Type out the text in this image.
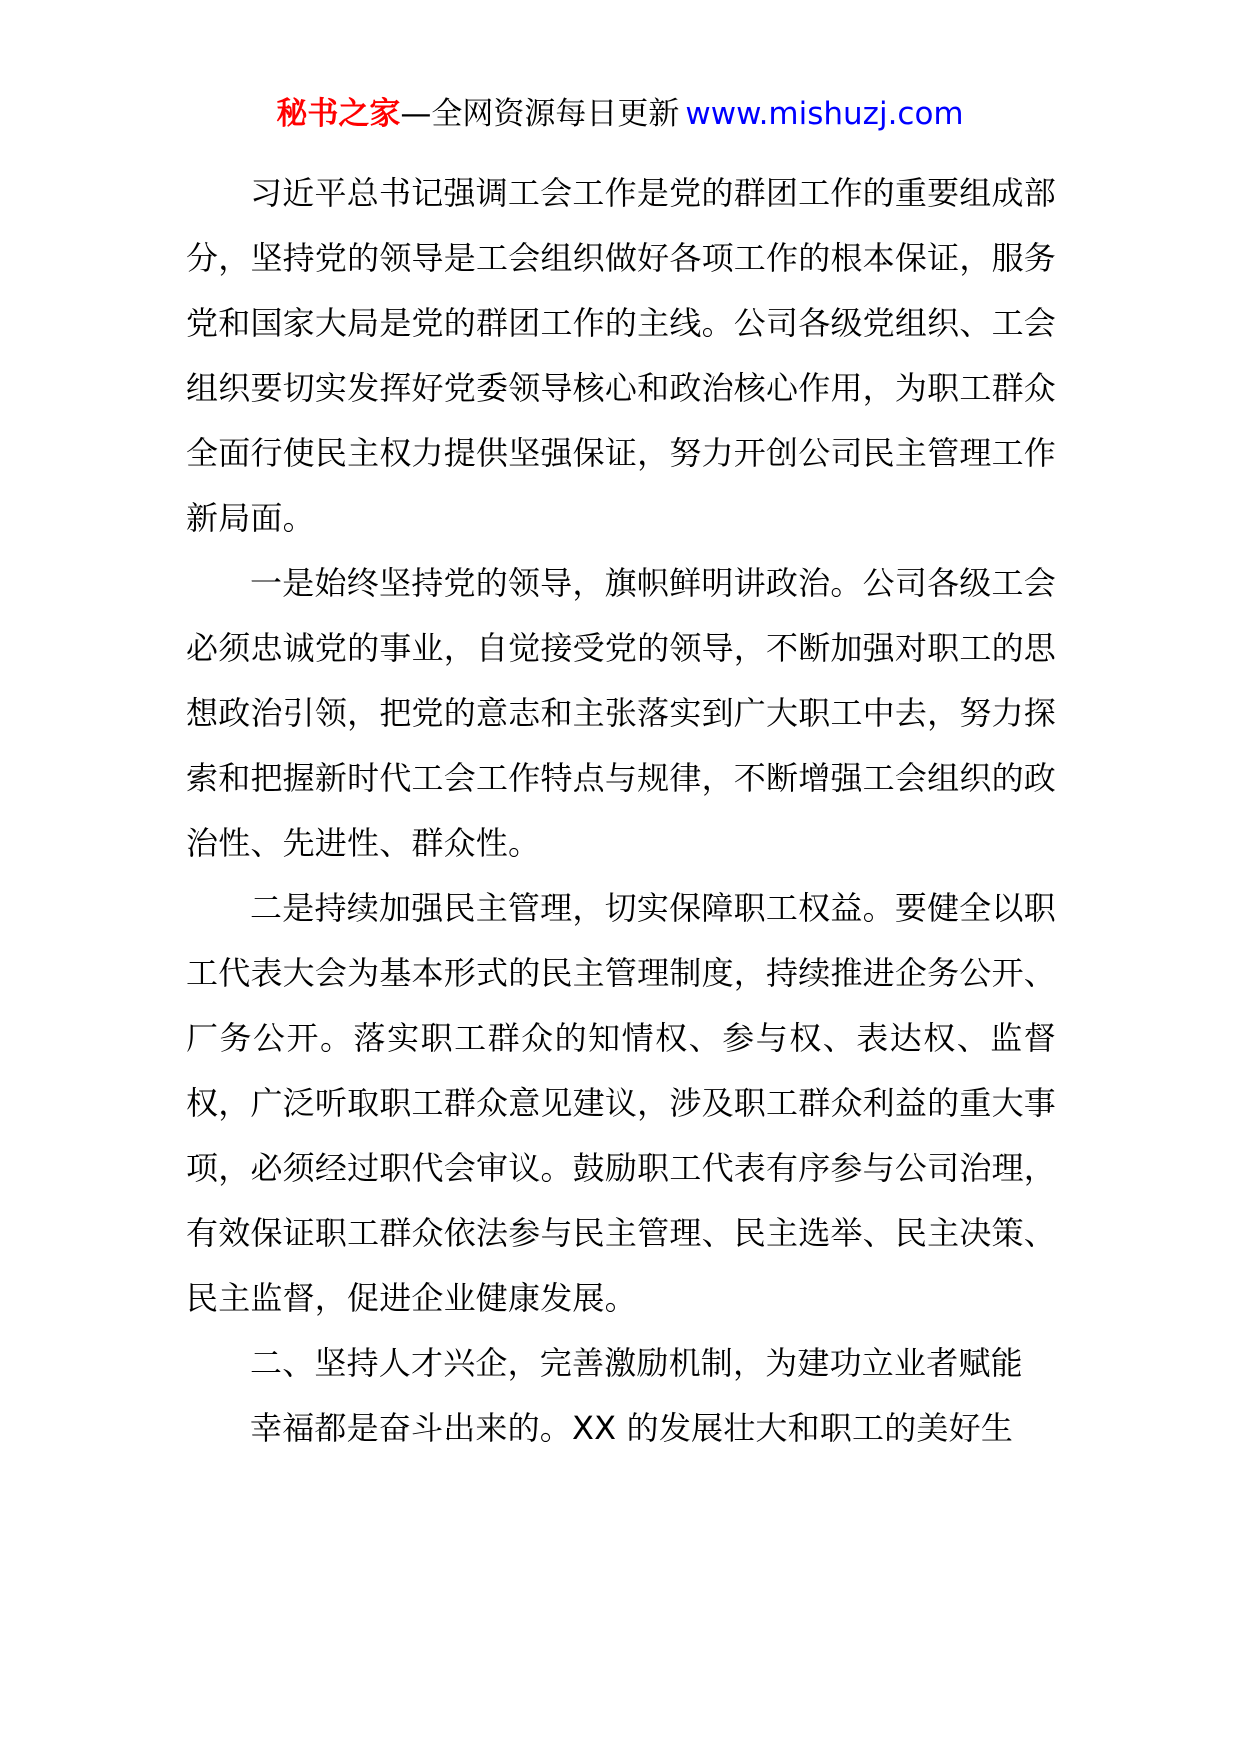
秘书之家—全网资源每日更新 www.mishuzj.com

习近平总书记强调工会工作是党的群团工作的重要组成部分，坚持党的领导是工会组织做好各项工作的根本保证，服务党和国家大局是党的群团工作的主线。公司各级党组织、工会组织要切实发挥好党委领导核心和政治核心作用，为职工群众全面行使民主权力提供坚强保证，努力开创公司民主管理工作新局面。

一是始终坚持党的领导，旗帜鲜明讲政治。公司各级工会必须忠诚党的事业，自觉接受党的领导，不断加强对职工的思想政治引领，把党的意志和主张落实到广大职工中去，努力探索和把握新时代工会工作特点与规律，不断增强工会组织的政治性、先进性、群众性。

二是持续加强民主管理，切实保障职工权益。要健全以职工代表大会为基本形式的民主管理制度，持续推进企务公开、厂务公开。落实职工群众的知情权、参与权、表达权、监督权，广泛听取职工群众意见建议，涉及职工群众利益的重大事项，必须经过职代会审议。鼓励职工代表有序参与公司治理，有效保证职工群众依法参与民主管理、民主选举、民主决策、民主监督，促进企业健康发展。

二、坚持人才兴企，完善激励机制，为建功立业者赋能

幸福都是奋斗出来的。XX 的发展壮大和职工的美好生
